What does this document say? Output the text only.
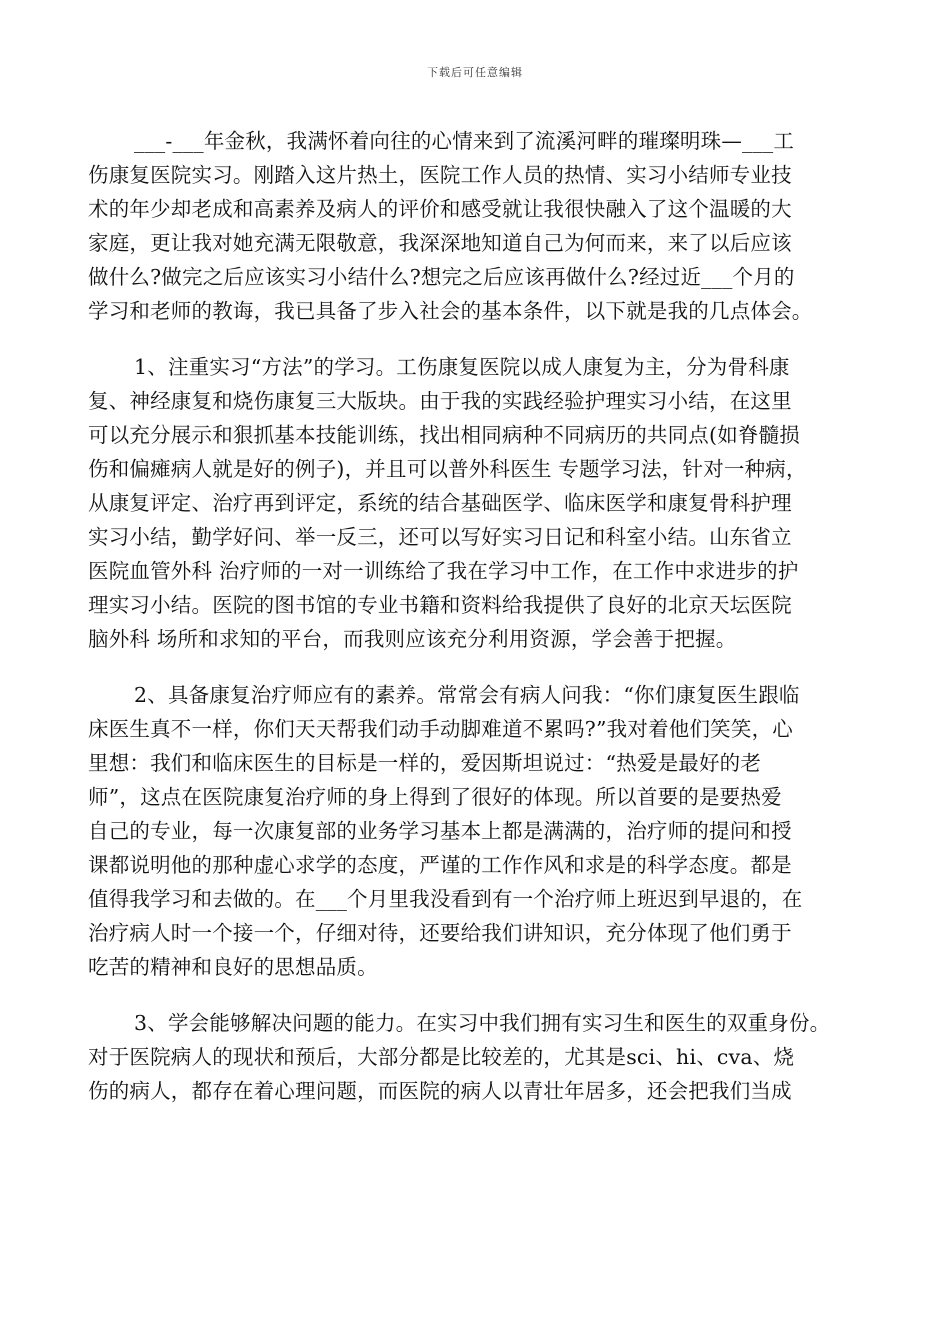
下载后可任意编辑
___-___年金秋，我满怀着向往的心情来到了流溪河畔的璀璨明珠—___工
伤康复医院实习。刚踏入这片热土，医院工作人员的热情、实习小结师专业技
术的年少却老成和高素养及病人的评价和感受就让我很快融入了这个温暖的大
家庭，更让我对她充满无限敬意，我深深地知道自己为何而来，来了以后应该
做什么?做完之后应该实习小结什么?想完之后应该再做什么?经过近___个月的
学习和老师的教诲，我已具备了步入社会的基本条件，以下就是我的几点体会。
1、注重实习“方法”的学习。工伤康复医院以成人康复为主，分为骨科康
复、神经康复和烧伤康复三大版块。由于我的实践经验护理实习小结，在这里
可以充分展示和狠抓基本技能训练，找出相同病种不同病历的共同点(如脊髓损
伤和偏瘫病人就是好的例子)，并且可以普外科医生 专题学习法，针对一种病，
从康复评定、治疗再到评定，系统的结合基础医学、临床医学和康复骨科护理
实习小结，勤学好问、举一反三，还可以写好实习日记和科室小结。山东省立
医院血管外科 治疗师的一对一训练给了我在学习中工作，在工作中求进步的护
理实习小结。医院的图书馆的专业书籍和资料给我提供了良好的北京天坛医院
脑外科 场所和求知的平台，而我则应该充分利用资源，学会善于把握。
2、具备康复治疗师应有的素养。常常会有病人问我：“你们康复医生跟临
床医生真不一样，你们天天帮我们动手动脚难道不累吗?”我对着他们笑笑，心
里想：我们和临床医生的目标是一样的，爱因斯坦说过：“热爱是最好的老
师”，这点在医院康复治疗师的身上得到了很好的体现。所以首要的是要热爱
自己的专业，每一次康复部的业务学习基本上都是满满的，治疗师的提问和授
课都说明他的那种虚心求学的态度，严谨的工作作风和求是的科学态度。都是
值得我学习和去做的。在___个月里我没看到有一个治疗师上班迟到早退的，在
治疗病人时一个接一个，仔细对待，还要给我们讲知识，充分体现了他们勇于
吃苦的精神和良好的思想品质。
3、学会能够解决问题的能力。在实习中我们拥有实习生和医生的双重身份。
对于医院病人的现状和预后，大部分都是比较差的，尤其是sci、hi、cva、烧
伤的病人，都存在着心理问题，而医院的病人以青壮年居多，还会把我们当成
